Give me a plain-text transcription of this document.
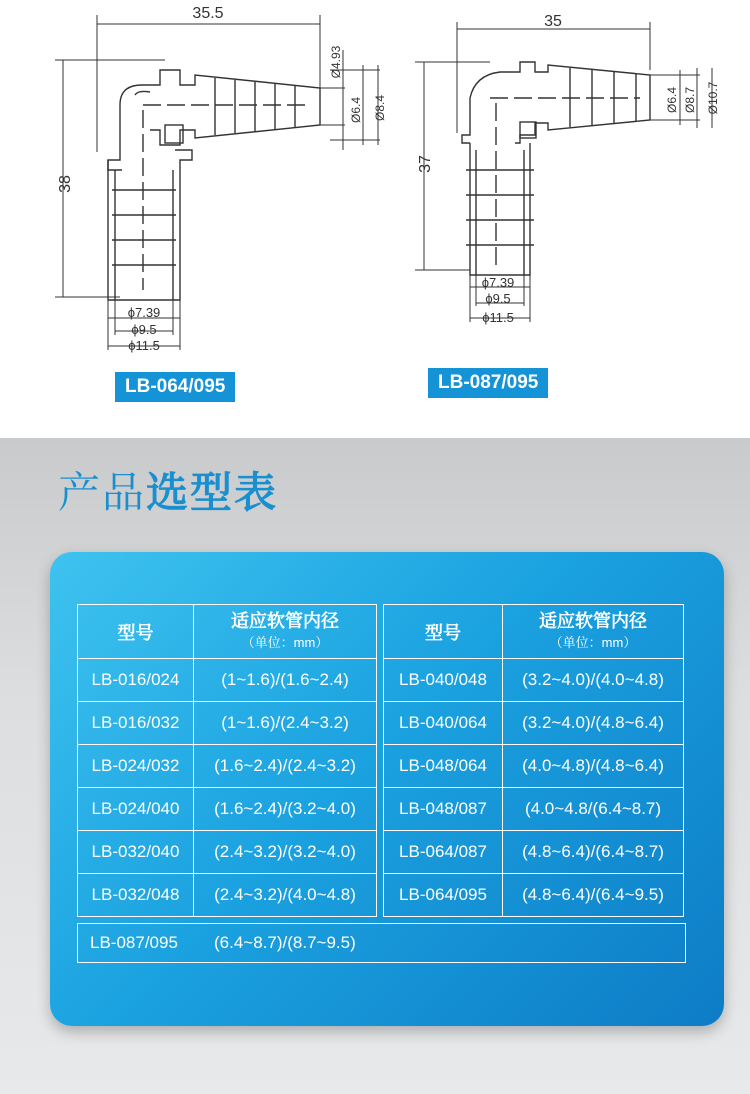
35.5
38
Ø4.93
Ø6.4 Ø8.4
ϕ7.39
ϕ9.5
ϕ11.5
35
37
Ø6.4 Ø8.7 Ø10.7
ϕ7.39
ϕ9.5
ϕ11.5
LB-064/095	LB-087/095
产品选型表
型号	适应软管内径
（单位：mm）

LB-016/024	(1~1.6)/(1.6~2.4)
LB-016/032	(1~1.6)/(2.4~3.2)
LB-024/032	(1.6~2.4)/(2.4~3.2)
LB-024/040	(1.6~2.4)/(3.2~4.0)
LB-032/040	(2.4~3.2)/(3.2~4.0)
LB-032/048	(2.4~3.2)/(4.0~4.8)
型号	适应软管内径
（单位：mm）

LB-040/048	(3.2~4.0)/(4.0~4.8)
LB-040/064	(3.2~4.0)/(4.8~6.4)
LB-048/064	(4.0~4.8)/(4.8~6.4)
LB-048/087	(4.0~4.8/(6.4~8.7)
LB-064/087	(4.8~6.4)/(6.4~8.7)
LB-064/095	(4.8~6.4)/(6.4~9.5)
LB-087/095 (6.4~8.7)/(8.7~9.5)
